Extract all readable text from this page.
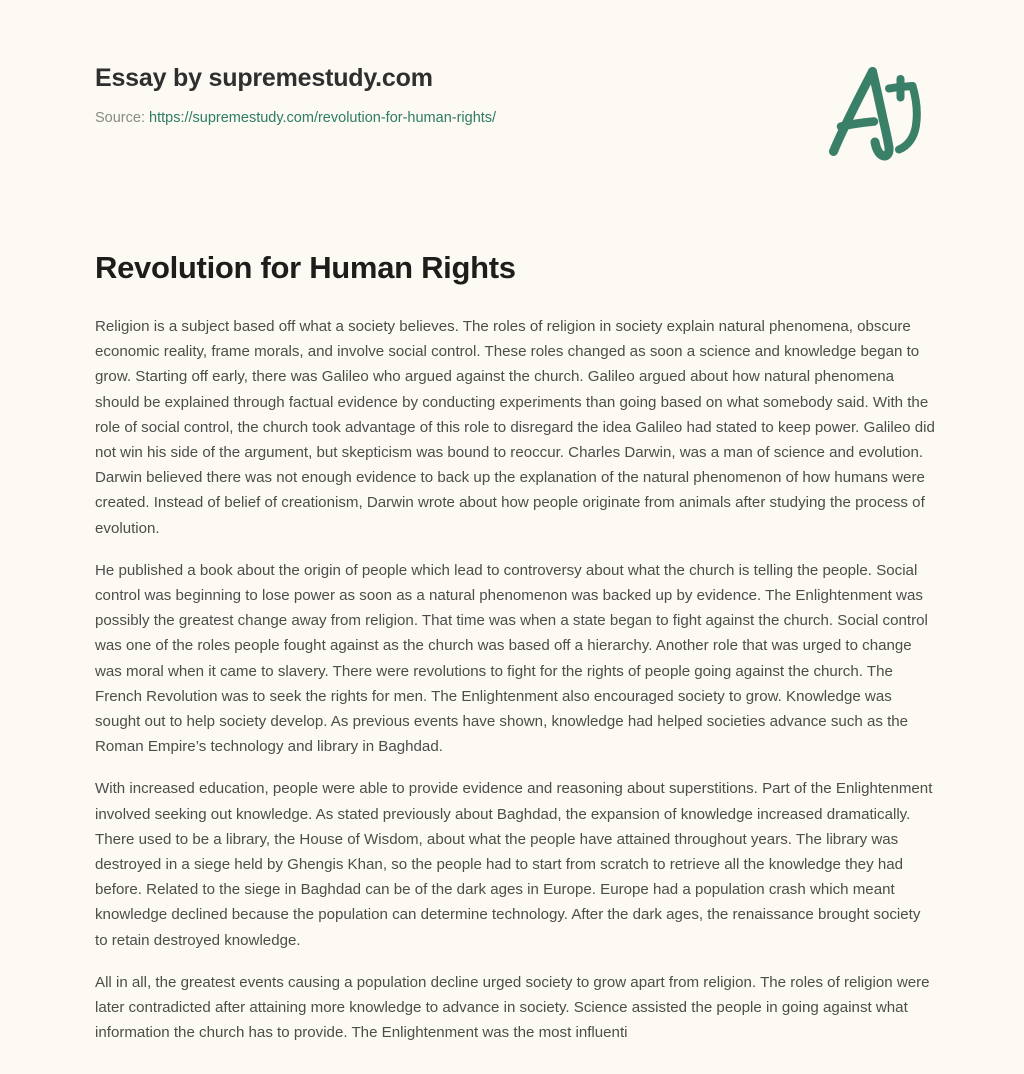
Essay by supremestudy.com
Source: https://supremestudy.com/revolution-for-human-rights/
Revolution for Human Rights

Religion is a subject based off what a society believes. The roles of religion in society explain natural phenomena, obscure economic reality, frame morals, and involve social control. These roles changed as soon a science and knowledge began to grow. Starting off early, there was Galileo who argued against the church. Galileo argued about how natural phenomena should be explained through factual evidence by conducting experiments than going based on what somebody said. With the role of social control, the church took advantage of this role to disregard the idea Galileo had stated to keep power. Galileo did not win his side of the argument, but skepticism was bound to reoccur. Charles Darwin, was a man of science and evolution. Darwin believed there was not enough evidence to back up the explanation of the natural phenomenon of how humans were created. Instead of belief of creationism, Darwin wrote about how people originate from animals after studying the process of evolution.

He published a book about the origin of people which lead to controversy about what the church is telling the people. Social control was beginning to lose power as soon as a natural phenomenon was backed up by evidence. The Enlightenment was possibly the greatest change away from religion. That time was when a state began to fight against the church. Social control was one of the roles people fought against as the church was based off a hierarchy. Another role that was urged to change was moral when it came to slavery. There were revolutions to fight for the rights of people going against the church. The French Revolution was to seek the rights for men. The Enlightenment also encouraged society to grow. Knowledge was sought out to help society develop. As previous events have shown, knowledge had helped societies advance such as the Roman Empire’s technology and library in Baghdad.

With increased education, people were able to provide evidence and reasoning about superstitions. Part of the Enlightenment involved seeking out knowledge. As stated previously about Baghdad, the expansion of knowledge increased dramatically. There used to be a library, the House of Wisdom, about what the people have attained throughout years. The library was destroyed in a siege held by Ghengis Khan, so the people had to start from scratch to retrieve all the knowledge they had before. Related to the siege in Baghdad can be of the dark ages in Europe. Europe had a population crash which meant knowledge declined because the population can determine technology. After the dark ages, the renaissance brought society to retain destroyed knowledge.

All in all, the greatest events causing a population decline urged society to grow apart from religion. The roles of religion were later contradicted after attaining more knowledge to advance in society. Science assisted the people in going against what information the church has to provide. The Enlightenment was the most influenti
